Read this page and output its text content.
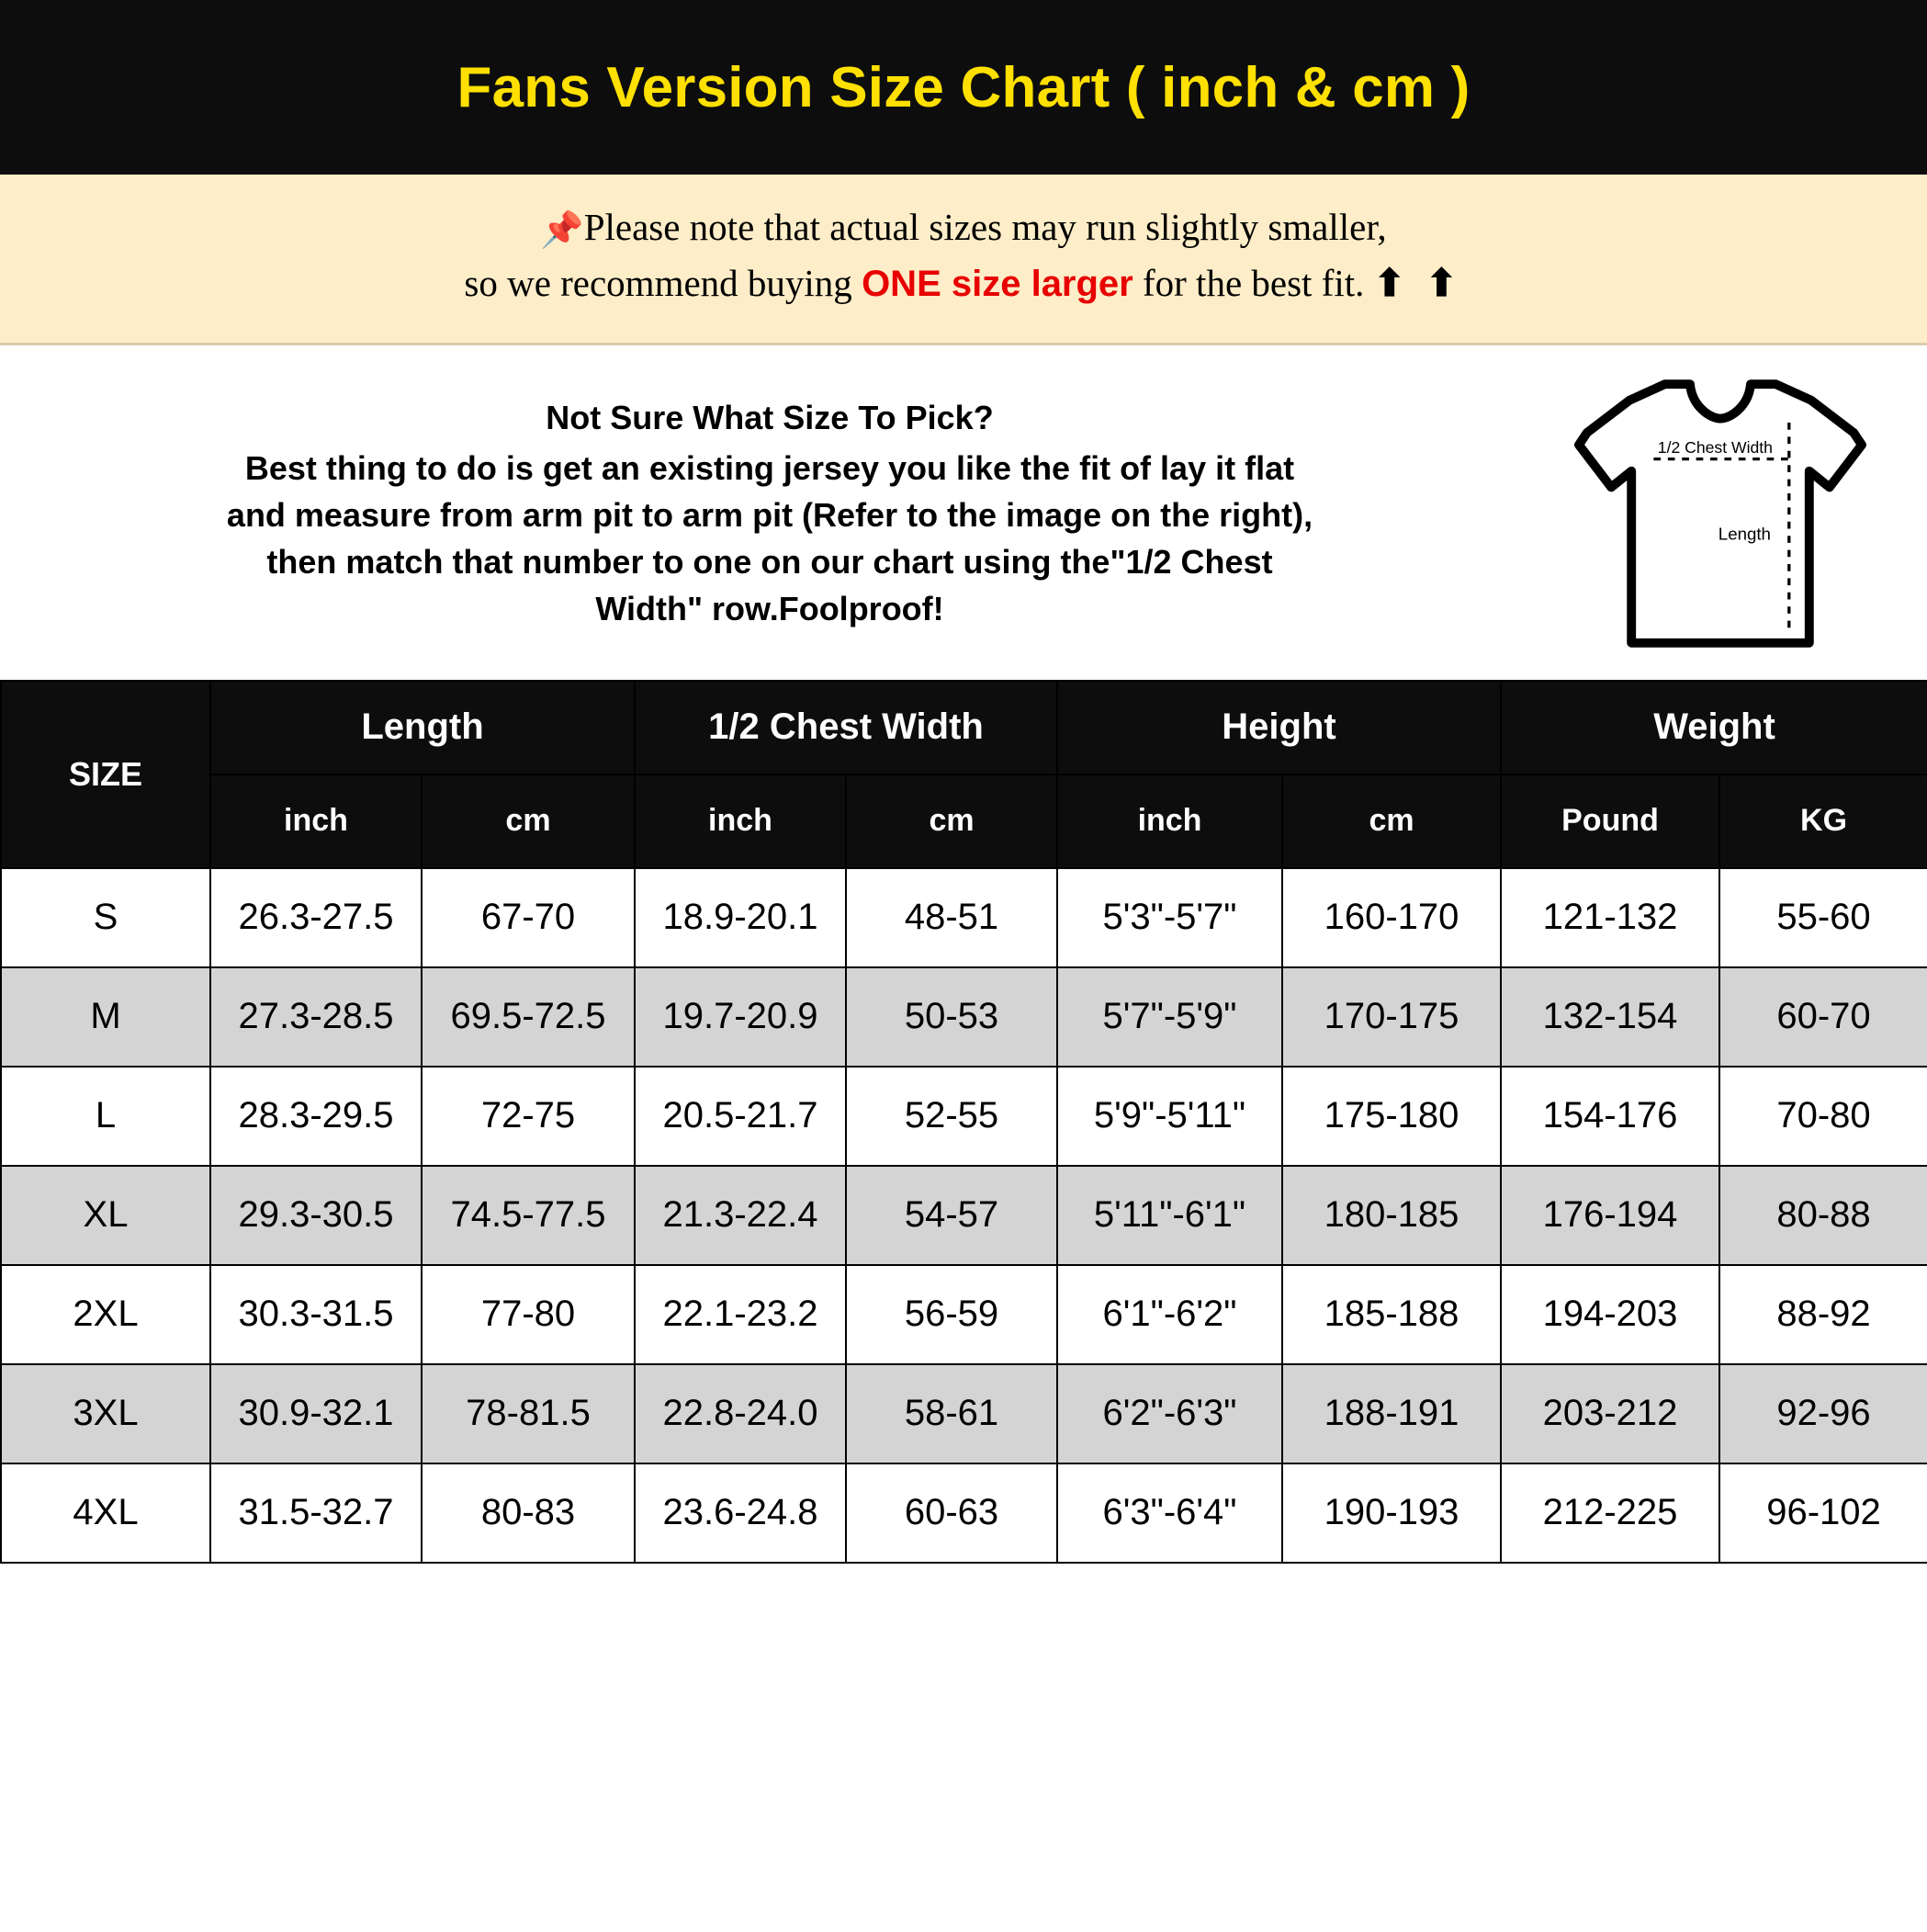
Fans Version Size Chart ( inch & cm )
📌Please note that actual sizes may run slightly smaller,
so we recommend buying ONE size larger for the best fit. ⬆ ⬆
Not Sure What Size To Pick?
Best thing to do is get an existing jersey you like the fit of lay it flat
and measure from arm pit to arm pit (Refer to the image on the right),
then match that number to one on our chart using the"1/2 Chest
Width" row.Foolproof!
1/2 Chest Width
Length
SIZE	Length		1/2 Chest Width		Height		Weight	
	inch	cm	inch	cm	inch	cm	Pound	KG
S	26.3-27.5	67-70	18.9-20.1	48-51	5'3"-5'7"	160-170	121-132	55-60
M	27.3-28.5	69.5-72.5	19.7-20.9	50-53	5'7"-5'9"	170-175	132-154	60-70
L	28.3-29.5	72-75	20.5-21.7	52-55	5'9"-5'11"	175-180	154-176	70-80
XL	29.3-30.5	74.5-77.5	21.3-22.4	54-57	5'11"-6'1"	180-185	176-194	80-88
2XL	30.3-31.5	77-80	22.1-23.2	56-59	6'1"-6'2"	185-188	194-203	88-92
3XL	30.9-32.1	78-81.5	22.8-24.0	58-61	6'2"-6'3"	188-191	203-212	92-96
4XL	31.5-32.7	80-83	23.6-24.8	60-63	6'3"-6'4"	190-193	212-225	96-102
